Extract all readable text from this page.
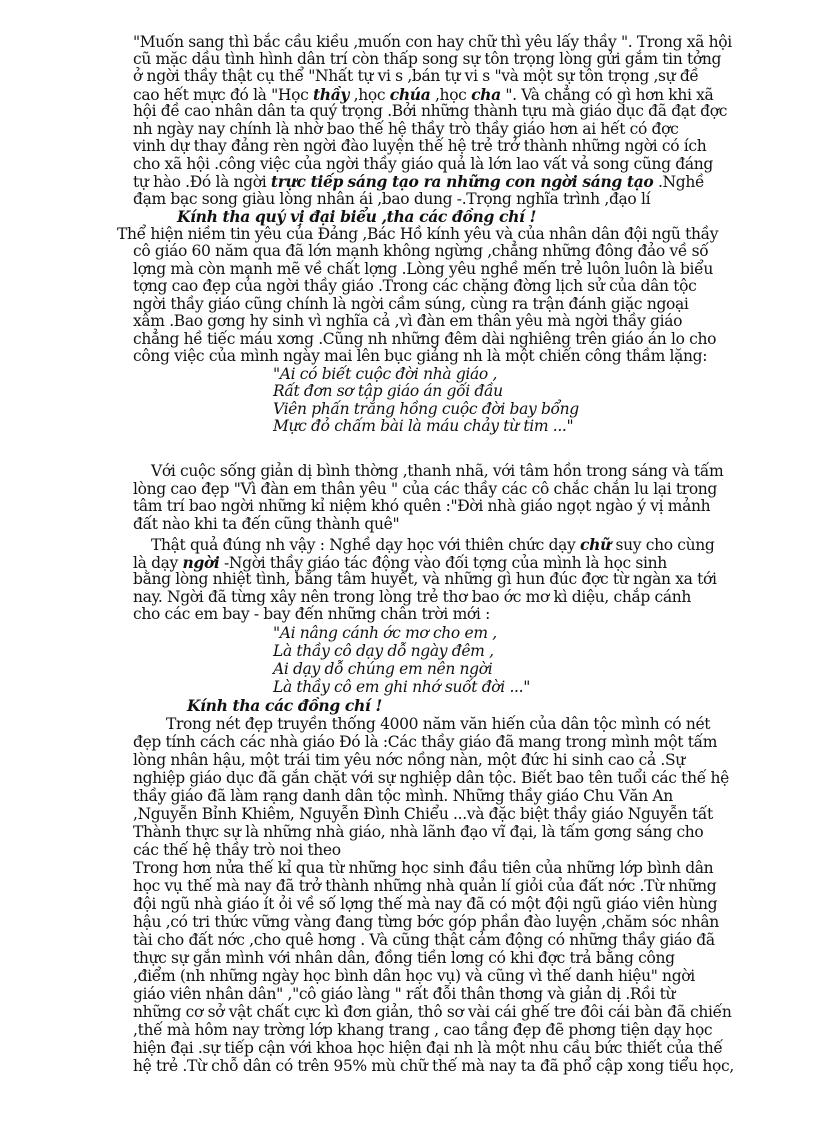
"Muốn sang thì bắc cầu kiều ,muốn con hay chữ thì yêu lấy thầy ". Trong xã hội
cũ mặc dầu tình hình dân trí còn thấp song sự tôn trọng lòng gửi gắm tin tởng
ở ngời thầy thật cụ thể "Nhất tự vi s ,bán tự vi s "và một sự tôn trọng ,sự đề
cao hết mực đó là "Học thầy ,học chúa ,học cha ". Và chẳng có gì hơn khi xã
hội đề cao nhân dân ta quý trọng .Bởi những thành tựu mà giáo dục đã đạt đợc
nh ngày nay chính là nhờ bao thế hệ thầy trò thầy giáo hơn ai hết có đợc
vinh dự thay đảng rèn ngời đào luyện thế hệ trẻ trở thành những ngời có ích
cho xã hội .công việc của ngời thầy giáo quả là lớn lao vất vả song cũng đáng
tự hào .Đó là ngời trực tiếp sáng tạo ra những con ngời sáng tạo .Nghề
đạm bạc song giàu lòng nhân ái ,bao dung -.Trọng nghĩa trình ,đạo lí
Kính tha quý vị đại biểu ,tha các đồng chí !
Thể hiện niềm tin yêu của Đảng ,Bác Hồ kính yêu và của nhân dân đội ngũ thầy
cô giáo 60 năm qua đã lớn mạnh không ngừng ,chẳng những đông đảo về số
lợng mà còn mạnh mẽ về chất lợng .Lòng yêu nghề mến trẻ luôn luôn là biểu
tợng cao đẹp của ngời thầy giáo .Trong các chặng đờng lịch sử của dân tộc
ngời thầy giáo cũng chính là ngời cầm súng, cùng ra trận đánh giặc ngoại
xâm .Bao gơng hy sinh vì nghĩa cả ,vì đàn em thân yêu mà ngời thầy giáo
chẳng hề tiếc máu xơng .Cũng nh những đêm dài nghiêng trên giáo án lo cho
công việc của mình ngày mai lên bục giảng nh là một chiến công thầm lặng:
"Ai có biết cuộc đời nhà giáo ,
Rất đơn sơ tập giáo án gối đầu
Viên phấn trắng hồng cuộc đời bay bổng
Mực đỏ chấm bài là máu chảy từ tim ..."
Với cuộc sống giản dị bình thờng ,thanh nhã, với tâm hồn trong sáng và tấm
lòng cao đẹp "Vì đàn em thân yêu " của các thầy các cô chắc chắn lu lại trong
tâm trí bao ngời những kỉ niệm khó quên :"Đời nhà giáo ngọt ngào ý vị mảnh
đất nào khi ta đến cũng thành quê"
Thật quả đúng nh vậy : Nghề dạy học với thiên chức dạy chữ suy cho cùng
là dạy ngời -Ngời thầy giáo tác động vào đối tợng của mình là học sinh
bằng lòng nhiệt tình, bằng tâm huyết, và những gì hun đúc đợc từ ngàn xa tới
nay. Ngời đã từng xây nên trong lòng trẻ thơ bao ớc mơ kì diệu, chắp cánh
cho các em bay - bay đến những chân trời mới :
"Ai nâng cánh ớc mơ cho em ,
Là thầy cô dạy dỗ ngày đêm ,
Ai dạy dỗ chúng em nên ngời
Là thầy cô em ghi nhớ suốt đời ..."
Kính tha các đồng chí !
Trong nét đẹp truyền thống 4000 năm văn hiến của dân tộc mình có nét
đẹp tính cách các nhà giáo Đó là :Các thầy giáo đã mang trong mình một tấm
lòng nhân hậu, một trái tim yêu nớc nồng nàn, một đức hi sinh cao cả .Sự
nghiệp giáo dục đã gắn chặt với sự nghiệp dân tộc. Biết bao tên tuổi các thế hệ
thầy giáo đã làm rạng danh dân tộc mình. Những thầy giáo Chu Văn An
,Nguyễn Bỉnh Khiêm, Nguyễn Đình Chiểu ...và đặc biệt thầy giáo Nguyễn tất
Thành thực sự là những nhà giáo, nhà lãnh đạo vĩ đại, là tấm gơng sáng cho
các thế hệ thầy trò noi theo
Trong hơn nửa thế kỉ qua từ những học sinh đầu tiên của những lớp bình dân
học vụ thế mà nay đã trở thành những nhà quản lí giỏi của đất nớc .Từ những
đội ngũ nhà giáo ít ỏi về số lợng thế mà nay đã có một đội ngũ giáo viên hùng
hậu ,có tri thức vững vàng đang từng bớc góp phần đào luyện ,chăm sóc nhân
tài cho đất nớc ,cho quê hơng . Và cũng thật cảm động có những thầy giáo đã
thực sự gắn mình với nhân dân, đồng tiền lơng có khi đợc trả bằng công
,điểm (nh những ngày học bình dân học vụ) và cũng vì thế danh hiệu" ngời
giáo viên nhân dân" ,"cô giáo làng " rất đỗi thân thơng và giản dị .Rồi từ
những cơ sở vật chất cực kì đơn giản, thô sơ vài cái ghế tre đôi cái bàn đã chiến
,thế mà hôm nay trờng lớp khang trang , cao tầng đẹp đẽ phơng tiện dạy học
hiện đại .sự tiếp cận với khoa học hiện đại nh là một nhu cầu bức thiết của thế
hệ trẻ .Từ chỗ dân có trên 95% mù chữ thế mà nay ta đã phổ cập xong tiểu học,
